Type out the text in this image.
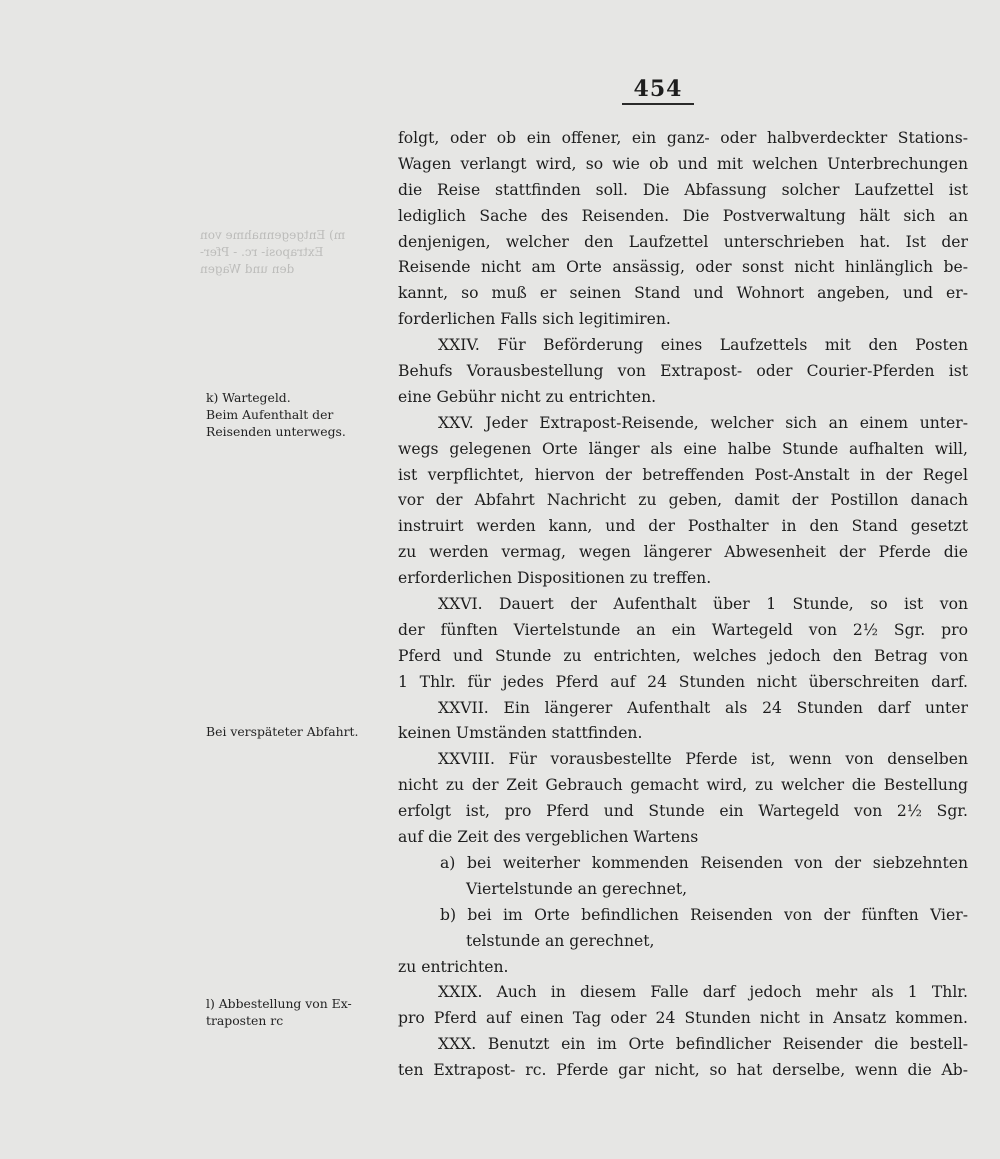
m) Entgegennahme von
Extraposi- rc. - Pfer-
den und Wagen
454
k) Wartegeld.
Beim Aufenthalt der
Reisenden unterwegs.
Bei verspäteter Abfahrt.
l) Abbestellung von Ex-
traposten rc
folgt, oder ob ein offener, ein ganz- oder halbverdeckter Stations-
Wagen verlangt wird, so wie ob und mit welchen Unterbrechungen
die Reise stattfinden soll. Die Abfassung solcher Laufzettel ist
lediglich Sache des Reisenden. Die Postverwaltung hält sich an
denjenigen, welcher den Laufzettel unterschrieben hat. Ist der
Reisende nicht am Orte ansässig, oder sonst nicht hinlänglich be-
kannt, so muß er seinen Stand und Wohnort angeben, und er-
forderlichen Falls sich legitimiren.
XXIV. Für Beförderung eines Laufzettels mit den Posten
Behufs Vorausbestellung von Extrapost- oder Courier-Pferden ist
eine Gebühr nicht zu entrichten.
XXV. Jeder Extrapost-Reisende, welcher sich an einem unter-
wegs gelegenen Orte länger als eine halbe Stunde aufhalten will,
ist verpflichtet, hiervon der betreffenden Post-Anstalt in der Regel
vor der Abfahrt Nachricht zu geben, damit der Postillon danach
instruirt werden kann, und der Posthalter in den Stand gesetzt
zu werden vermag, wegen längerer Abwesenheit der Pferde die
erforderlichen Dispositionen zu treffen.
XXVI. Dauert der Aufenthalt über 1 Stunde, so ist von
der fünften Viertelstunde an ein Wartegeld von 2½ Sgr. pro
Pferd und Stunde zu entrichten, welches jedoch den Betrag von
1 Thlr. für jedes Pferd auf 24 Stunden nicht überschreiten darf.
XXVII. Ein längerer Aufenthalt als 24 Stunden darf unter
keinen Umständen stattfinden.
XXVIII. Für vorausbestellte Pferde ist, wenn von denselben
nicht zu der Zeit Gebrauch gemacht wird, zu welcher die Bestellung
erfolgt ist, pro Pferd und Stunde ein Wartegeld von 2½ Sgr.
auf die Zeit des vergeblichen Wartens
a) bei weiterher kommenden Reisenden von der siebzehnten
Viertelstunde an gerechnet,
b) bei im Orte befindlichen Reisenden von der fünften Vier-
telstunde an gerechnet,
zu entrichten.
XXIX. Auch in diesem Falle darf jedoch mehr als 1 Thlr.
pro Pferd auf einen Tag oder 24 Stunden nicht in Ansatz kommen.
XXX. Benutzt ein im Orte befindlicher Reisender die bestell-
ten Extrapost- rc. Pferde gar nicht, so hat derselbe, wenn die Ab-
